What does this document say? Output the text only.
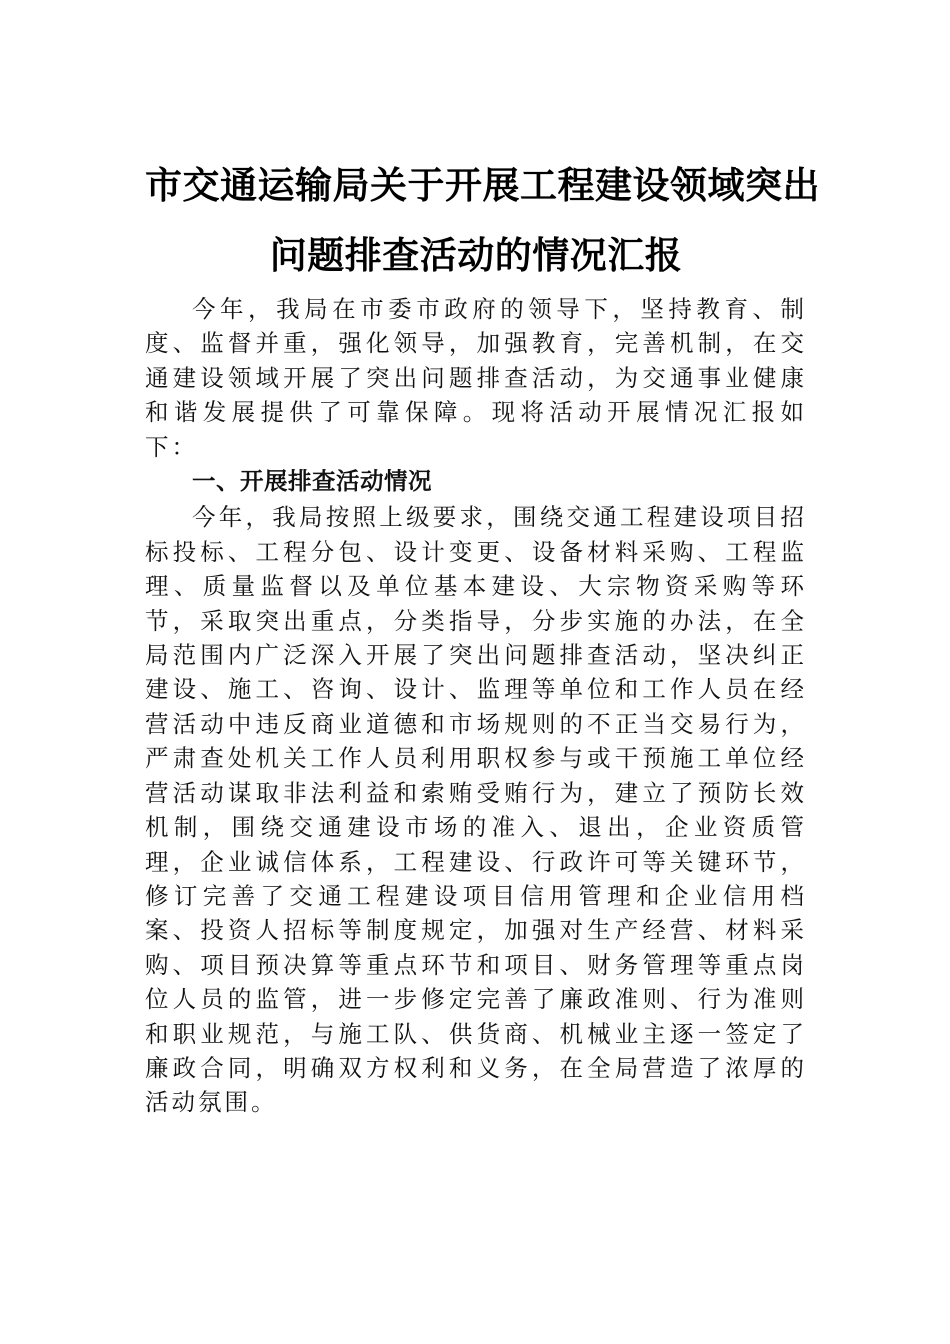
市交通运输局关于开展工程建设领域突出
问题排查活动的情况汇报

今年，我局在市委市政府的领导下，坚持教育、制度、监督并重，强化领导，加强教育，完善机制，在交通建设领域开展了突出问题排查活动，为交通事业健康和谐发展提供了可靠保障。现将活动开展情况汇报如下：

一、开展排查活动情况

今年，我局按照上级要求，围绕交通工程建设项目招标投标、工程分包、设计变更、设备材料采购、工程监理、质量监督以及单位基本建设、大宗物资采购等环节，采取突出重点，分类指导，分步实施的办法，在全局范围内广泛深入开展了突出问题排查活动，坚决纠正建设、施工、咨询、设计、监理等单位和工作人员在经营活动中违反商业道德和市场规则的不正当交易行为，严肃查处机关工作人员利用职权参与或干预施工单位经营活动谋取非法利益和索贿受贿行为，建立了预防长效机制，围绕交通建设市场的准入、退出，企业资质管理，企业诚信体系，工程建设、行政许可等关键环节，修订完善了交通工程建设项目信用管理和企业信用档案、投资人招标等制度规定，加强对生产经营、材料采购、项目预决算等重点环节和项目、财务管理等重点岗位人员的监管，进一步修定完善了廉政准则、行为准则和职业规范，与施工队、供货商、机械业主逐一签定了廉政合同，明确双方权利和义务，在全局营造了浓厚的活动氛围。
